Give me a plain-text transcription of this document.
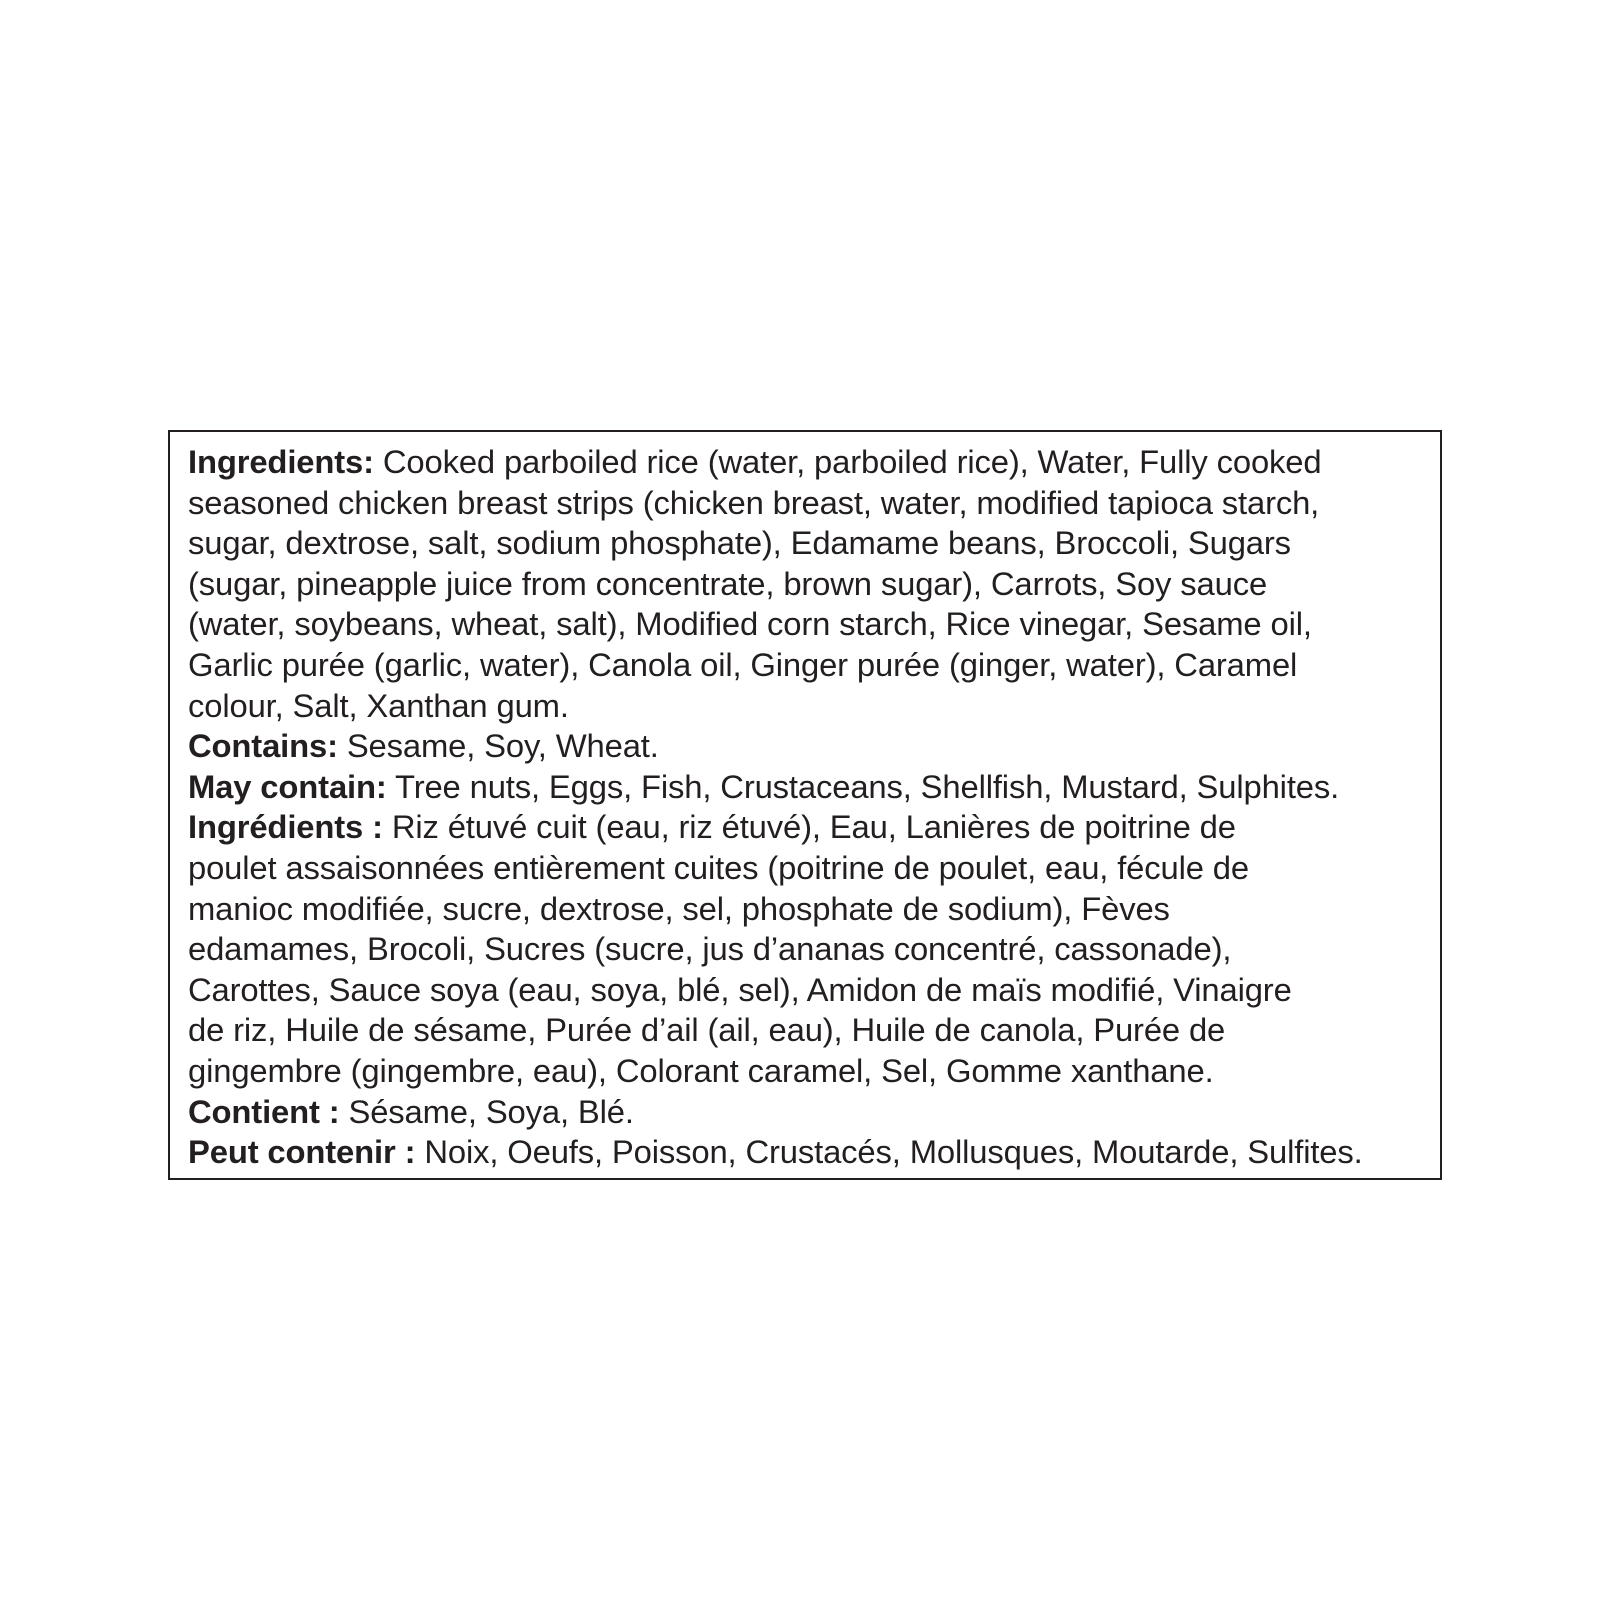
Ingredients: Cooked parboiled rice (water, parboiled rice), Water, Fully cooked
seasoned chicken breast strips (chicken breast, water, modified tapioca starch,
sugar, dextrose, salt, sodium phosphate), Edamame beans, Broccoli, Sugars
(sugar, pineapple juice from concentrate, brown sugar), Carrots, Soy sauce
(water, soybeans, wheat, salt), Modified corn starch, Rice vinegar, Sesame oil,
Garlic purée (garlic, water), Canola oil, Ginger purée (ginger, water), Caramel
colour, Salt, Xanthan gum.

Contains: Sesame, Soy, Wheat.

May contain: Tree nuts, Eggs, Fish, Crustaceans, Shellfish, Mustard, Sulphites.

Ingrédients : Riz étuvé cuit (eau, riz étuvé), Eau, Lanières de poitrine de
poulet assaisonnées entièrement cuites (poitrine de poulet, eau, fécule de
manioc modifiée, sucre, dextrose, sel, phosphate de sodium), Fèves
edamames, Brocoli, Sucres (sucre, jus d’ananas concentré, cassonade),
Carottes, Sauce soya (eau, soya, blé, sel), Amidon de maïs modifié, Vinaigre
de riz, Huile de sésame, Purée d’ail (ail, eau), Huile de canola, Purée de
gingembre (gingembre, eau), Colorant caramel, Sel, Gomme xanthane.

Contient : Sésame, Soya, Blé.

Peut contenir : Noix, Oeufs, Poisson, Crustacés, Mollusques, Moutarde, Sulfites.
